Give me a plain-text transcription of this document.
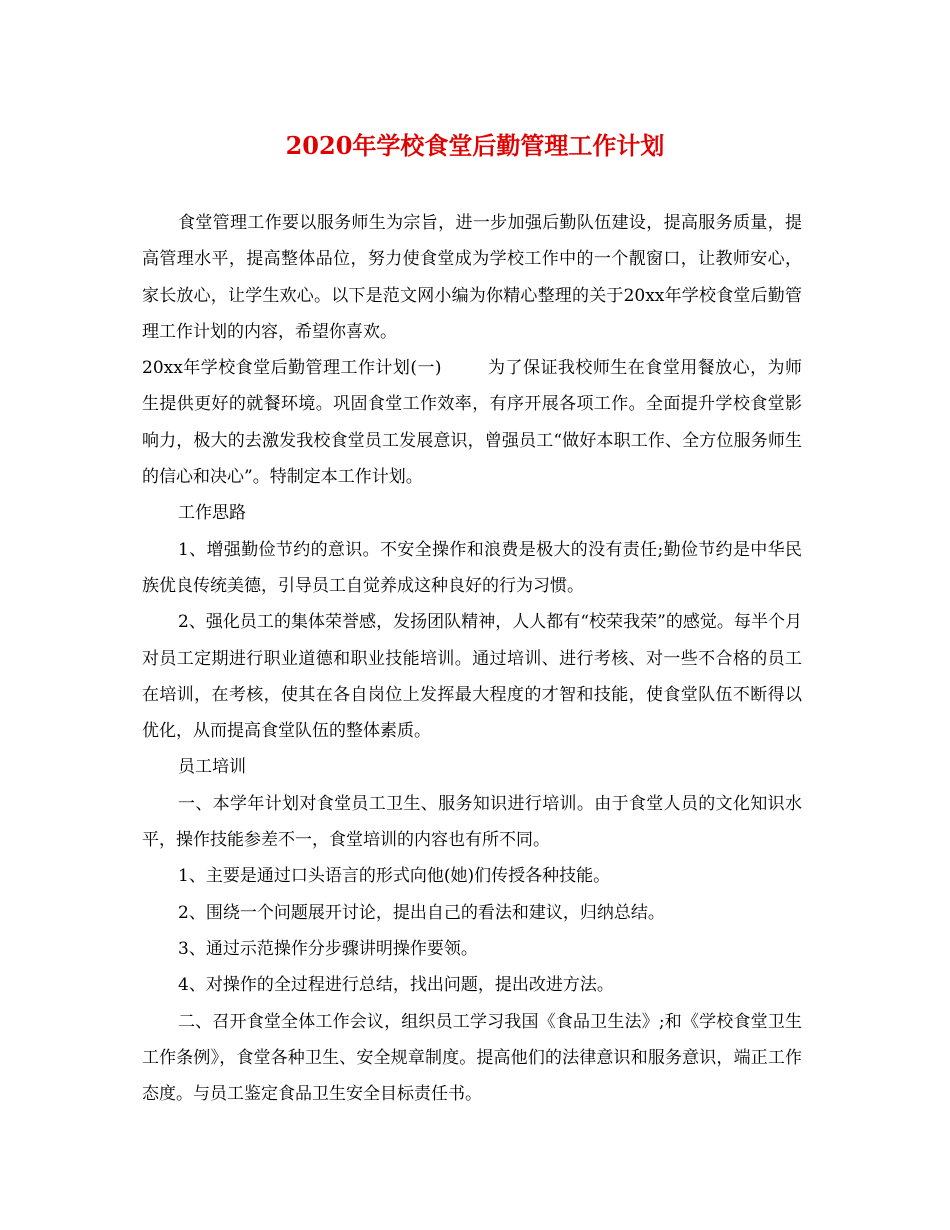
2020年学校食堂后勤管理工作计划

食堂管理工作要以服务师生为宗旨，进一步加强后勤队伍建设，提高服务质量，提高管理水平，提高整体品位，努力使食堂成为学校工作中的一个靓窗口，让教师安心，家长放心，让学生欢心。以下是范文网小编为你精心整理的关于20xx年学校食堂后勤管理工作计划的内容，希望你喜欢。

20xx年学校食堂后勤管理工作计划(一)	为了保证我校师生在食堂用餐放心，为师生提供更好的就餐环境。巩固食堂工作效率，有序开展各项工作。全面提升学校食堂影响力，极大的去激发我校食堂员工发展意识，曾强员工“做好本职工作、全方位服务师生的信心和决心”。特制定本工作计划。

工作思路

1、增强勤俭节约的意识。不安全操作和浪费是极大的没有责任;勤俭节约是中华民族优良传统美德，引导员工自觉养成这种良好的行为习惯。

2、强化员工的集体荣誉感，发扬团队精神，人人都有“校荣我荣”的感觉。每半个月对员工定期进行职业道德和职业技能培训。通过培训、进行考核、对一些不合格的员工在培训，在考核，使其在各自岗位上发挥最大程度的才智和技能，使食堂队伍不断得以优化，从而提高食堂队伍的整体素质。

员工培训

一、本学年计划对食堂员工卫生、服务知识进行培训。由于食堂人员的文化知识水平，操作技能参差不一，食堂培训的内容也有所不同。

1、主要是通过口头语言的形式向他(她)们传授各种技能。

2、围绕一个问题展开讨论，提出自己的看法和建议，归纳总结。

3、通过示范操作分步骤讲明操作要领。

4、对操作的全过程进行总结，找出问题，提出改进方法。

二、召开食堂全体工作会议，组织员工学习我国《食品卫生法》;和《学校食堂卫生工作条例》，食堂各种卫生、安全规章制度。提高他们的法律意识和服务意识，端正工作态度。与员工鉴定食品卫生安全目标责任书。
